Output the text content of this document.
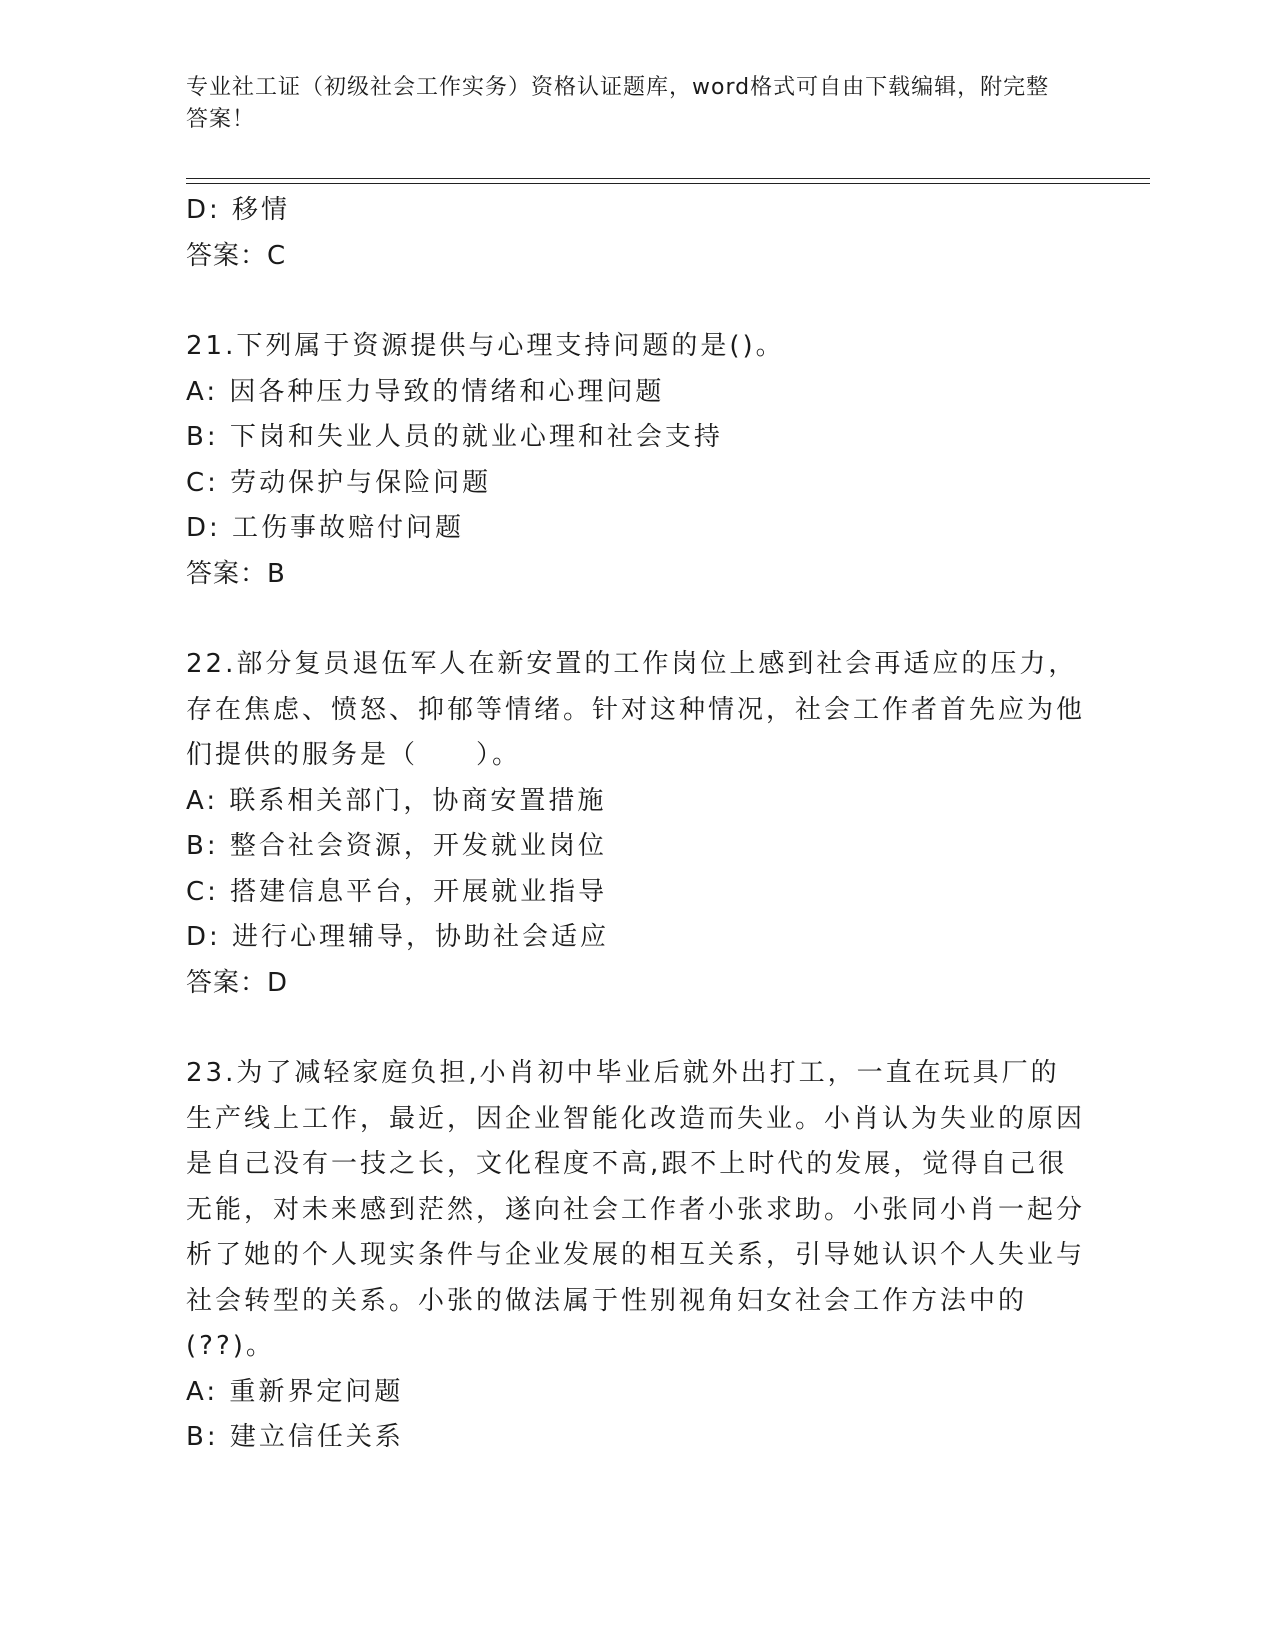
专业社工证（初级社会工作实务）资格认证题库，word格式可自由下载编辑，附完整答案！
D: 移情
答案：C
21.下列属于资源提供与心理支持问题的是()。
A: 因各种压力导致的情绪和心理问题
B: 下岗和失业人员的就业心理和社会支持
C: 劳动保护与保险问题
D: 工伤事故赔付问题
答案：B
22.部分复员退伍军人在新安置的工作岗位上感到社会再适应的压力，存在焦虑、愤怒、抑郁等情绪。针对这种情况，社会工作者首先应为他们提供的服务是（　　）。
A: 联系相关部门，协商安置措施
B: 整合社会资源，开发就业岗位
C: 搭建信息平台，开展就业指导
D: 进行心理辅导，协助社会适应
答案：D
23.为了减轻家庭负担,小肖初中毕业后就外出打工，一直在玩具厂的生产线上工作，最近，因企业智能化改造而失业。小肖认为失业的原因是自己没有一技之长，文化程度不高,跟不上时代的发展，觉得自己很无能，对未来感到茫然，遂向社会工作者小张求助。小张同小肖一起分析了她的个人现实条件与企业发展的相互关系，引导她认识个人失业与社会转型的关系。小张的做法属于性别视角妇女社会工作方法中的(??)。
A: 重新界定问题
B: 建立信任关系
